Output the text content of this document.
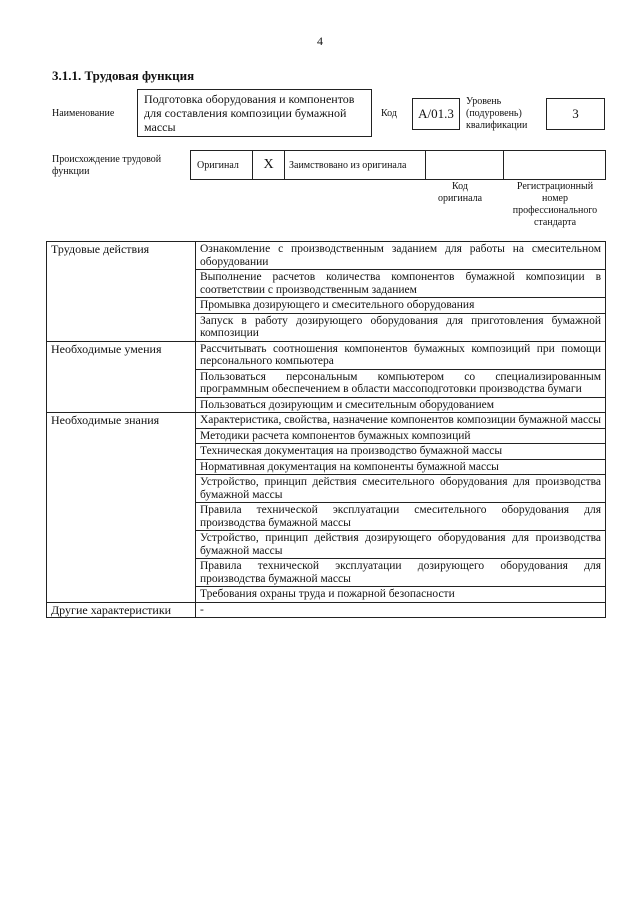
4
3.1.1. Трудовая функция
Наименование
Подготовка оборудования и компонентов для составления композиции бумажной массы
Код А/01.3
Уровень (подуровень) квалификации
3
Происхождение трудовой функции
Оригинал X Заимствовано из оригинала
Код оригинала
Регистрационный номер профессионального стандарта
Трудовые действия	Ознакомление с производственным заданием для работы на смесительном оборудовании
	Выполнение расчетов количества компонентов бумажной композиции в соответствии с производственным заданием
	Промывка дозирующего и смесительного оборудования
	Запуск в работу дозирующего оборудования для приготовления бумажной композиции
Необходимые умения	Рассчитывать соотношения компонентов бумажных композиций при помощи персонального компьютера
	Пользоваться персональным компьютером со специализированным программным обеспечением в области массоподготовки производства бумаги
	Пользоваться дозирующим и смесительным оборудованием
Необходимые знания	Характеристика, свойства, назначение компонентов композиции бумажной массы
	Методики расчета компонентов бумажных композиций
	Техническая документация на производство бумажной массы
	Нормативная документация на компоненты бумажной массы
	Устройство, принцип действия смесительного оборудования для производства бумажной массы
	Правила технической эксплуатации смесительного оборудования для производства бумажной массы
	Устройство, принцип действия дозирующего оборудования для производства бумажной массы
	Правила технической эксплуатации дозирующего оборудования для производства бумажной массы
	Требования охраны труда и пожарной безопасности
Другие характеристики	-
